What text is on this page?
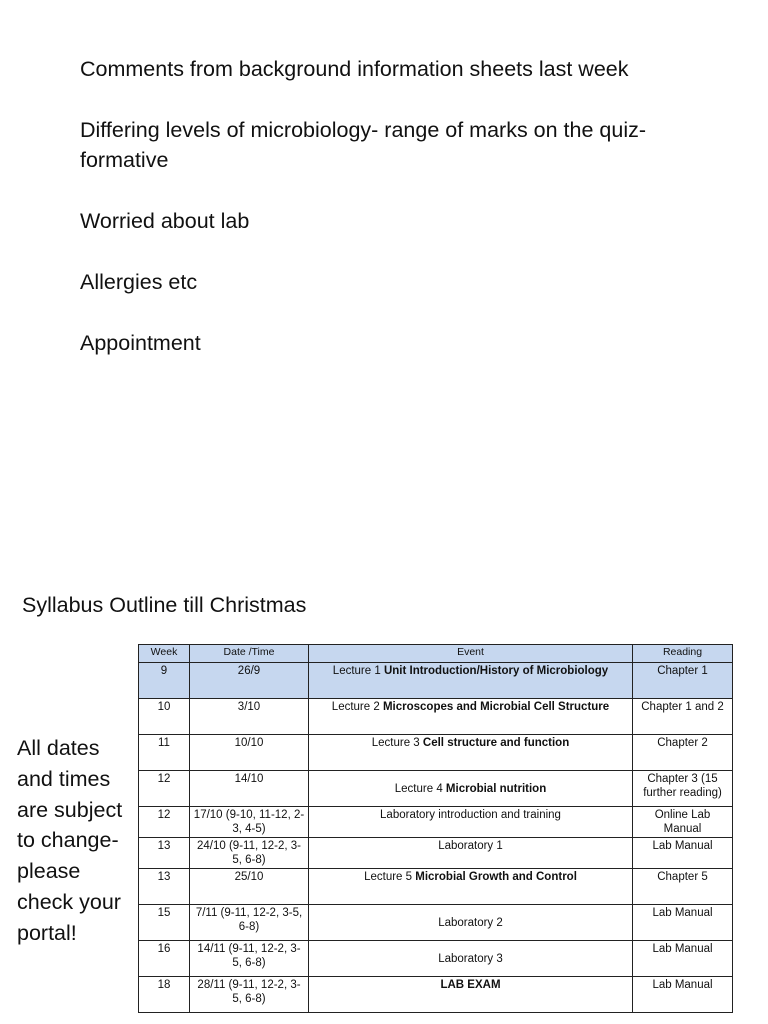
Comments from background information sheets last week

Differing levels of microbiology- range of marks on the quiz- formative

Worried about lab

Allergies etc

Appointment

Syllabus Outline till Christmas
All dates and times are subject to change- please check your portal!
Week	Date /Time	Event	Reading
9	26/9	Lecture 1 Unit Introduction/History of Microbiology	Chapter 1
10	3/10	Lecture 2 Microscopes and Microbial Cell Structure	Chapter 1 and 2
11	10/10	Lecture 3 Cell structure and function	Chapter 2
12	14/10	Lecture 4 Microbial nutrition	Chapter 3 (15 further reading)
12	17/10 (9-10, 11-12, 2-3, 4-5)	Laboratory introduction and training	Online Lab Manual
13	24/10 (9-11, 12-2, 3-5, 6-8)	Laboratory 1	Lab Manual
13	25/10	Lecture 5 Microbial Growth and Control	Chapter 5
15	7/11 (9-11, 12-2, 3-5, 6-8)	Laboratory 2	Lab Manual
16	14/11 (9-11, 12-2, 3-5, 6-8)	Laboratory 3	Lab Manual
18	28/11 (9-11, 12-2, 3-5, 6-8)	LAB EXAM	Lab Manual
